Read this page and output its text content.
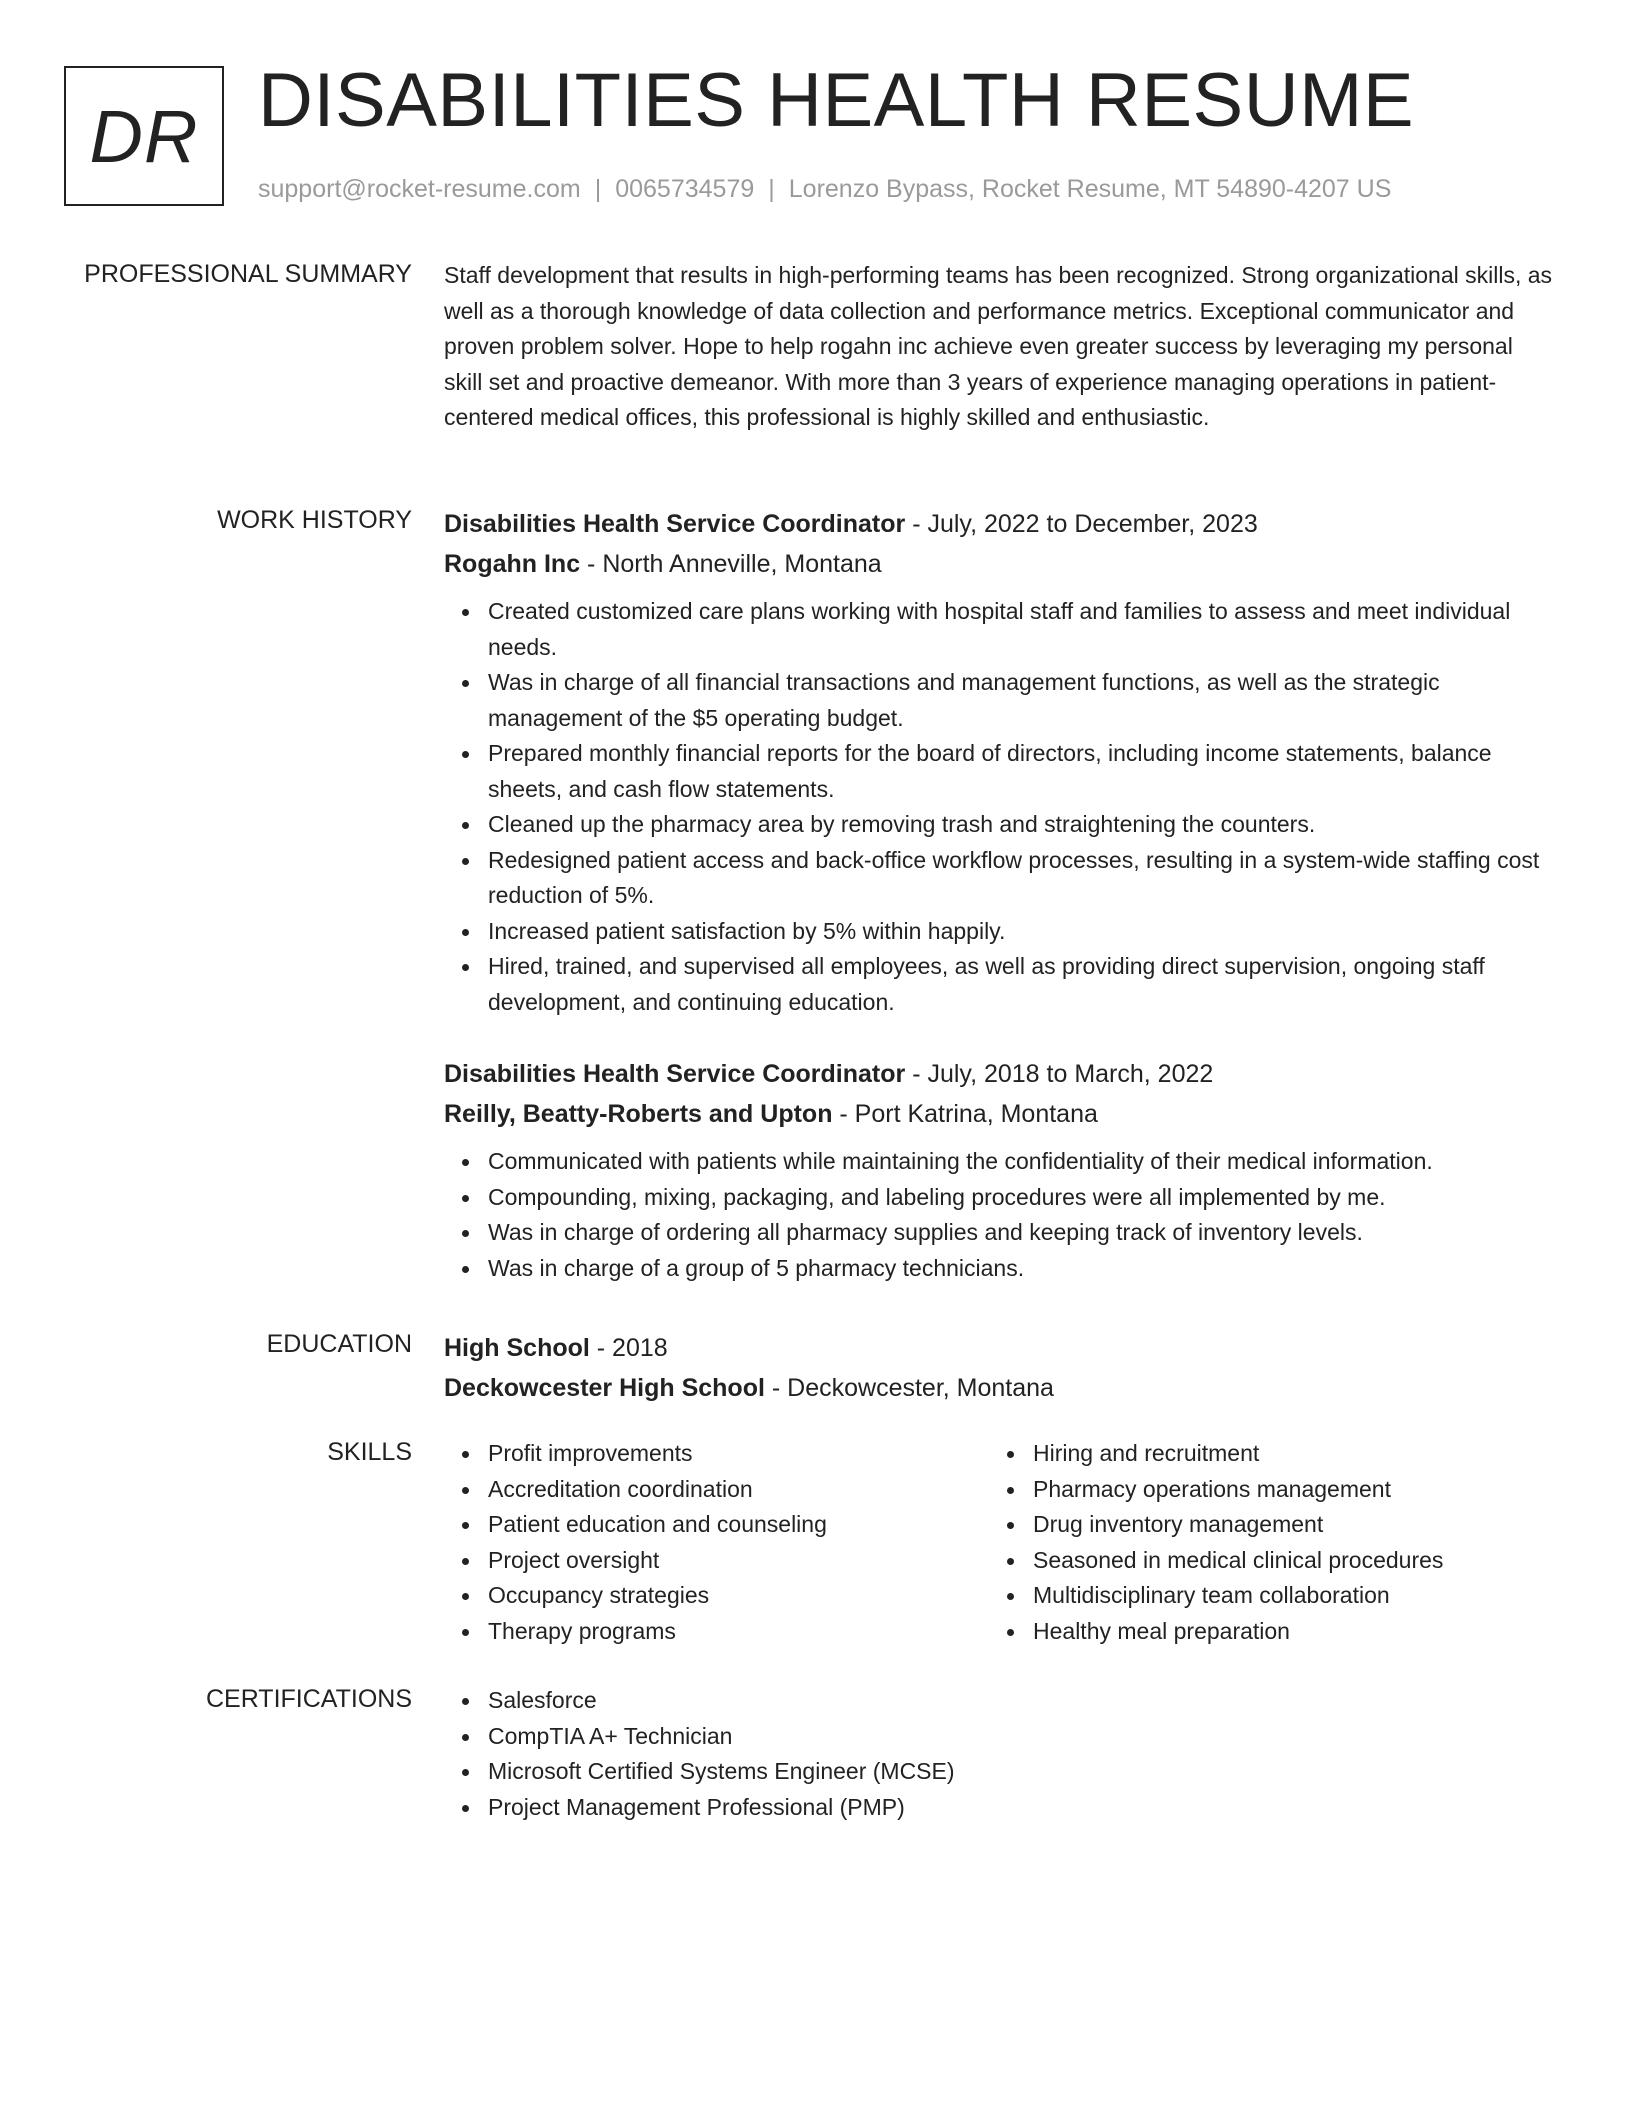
DR DISABILITIES HEALTH RESUME
support@rocket-resume.com | 0065734579 | Lorenzo Bypass, Rocket Resume, MT 54890-4207 US
PROFESSIONAL SUMMARY Staff development that results in high-performing teams has been recognized. Strong organizational skills, as well as a thorough knowledge of data collection and performance metrics. Exceptional communicator and proven problem solver. Hope to help rogahn inc achieve even greater success by leveraging my personal skill set and proactive demeanor. With more than 3 years of experience managing operations in patient-centered medical offices, this professional is highly skilled and enthusiastic.

WORK HISTORY Disabilities Health Service Coordinator - July, 2022 to December, 2023
Rogahn Inc - North Anneville, Montana
Created customized care plans working with hospital staff and families to assess and meet individual needs.
Was in charge of all financial transactions and management functions, as well as the strategic management of the $5 operating budget.
Prepared monthly financial reports for the board of directors, including income statements, balance sheets, and cash flow statements.
Cleaned up the pharmacy area by removing trash and straightening the counters.
Redesigned patient access and back-office workflow processes, resulting in a system-wide staffing cost reduction of 5%.
Increased patient satisfaction by 5% within happily.
Hired, trained, and supervised all employees, as well as providing direct supervision, ongoing staff development, and continuing education.
Disabilities Health Service Coordinator - July, 2018 to March, 2022
Reilly, Beatty-Roberts and Upton - Port Katrina, Montana
Communicated with patients while maintaining the confidentiality of their medical information.
Compounding, mixing, packaging, and labeling procedures were all implemented by me.
Was in charge of ordering all pharmacy supplies and keeping track of inventory levels.
Was in charge of a group of 5 pharmacy technicians.
EDUCATION High School - 2018
Deckowcester High School - Deckowcester, Montana
SKILLS	Profit improvements
Accreditation coordination
Patient education and counseling
Project oversight
Occupancy strategies
Therapy programs
Hiring and recruitment
Pharmacy operations management
Drug inventory management
Seasoned in medical clinical procedures
Multidisciplinary team collaboration
Healthy meal preparation
CERTIFICATIONS	Salesforce
CompTIA A+ Technician
Microsoft Certified Systems Engineer (MCSE)
Project Management Professional (PMP)
